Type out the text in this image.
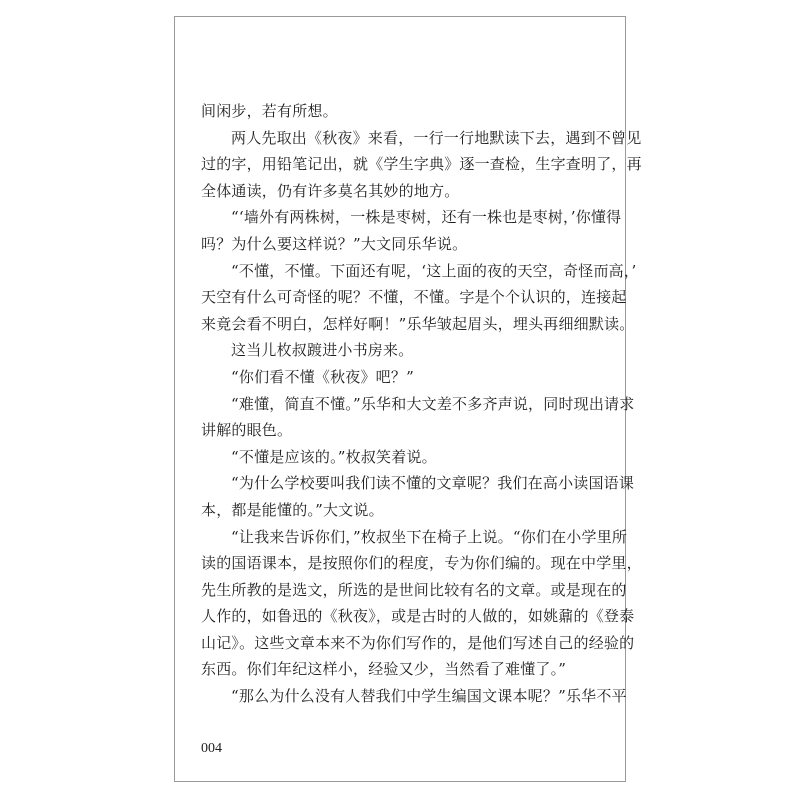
间闲步，若有所想。
两人先取出《秋夜》来看，一行一行地默读下去，遇到不曾见
过的字，用铅笔记出，就《学生字典》逐一查检，生字查明了，再
全体通读，仍有许多莫名其妙的地方。
“‘墙外有两株树，一株是枣树，还有一株也是枣树，’你懂得
吗？为什么要这样说？”大文同乐华说。
“不懂，不懂。下面还有呢，‘这上面的夜的天空，奇怪而高，’
天空有什么可奇怪的呢？不懂，不懂。字是个个认识的，连接起
来竟会看不明白，怎样好啊！”乐华皱起眉头，埋头再细细默读。
这当儿枚叔踱进小书房来。
“你们看不懂《秋夜》吧？”
“难懂，简直不懂。”乐华和大文差不多齐声说，同时现出请求
讲解的眼色。
“不懂是应该的。”枚叔笑着说。
“为什么学校要叫我们读不懂的文章呢？我们在高小读国语课
本，都是能懂的。”大文说。
“让我来告诉你们，”枚叔坐下在椅子上说。“你们在小学里所
读的国语课本，是按照你们的程度，专为你们编的。现在中学里，
先生所教的是选文，所选的是世间比较有名的文章。或是现在的
人作的，如鲁迅的《秋夜》，或是古时的人做的，如姚鼐的《登泰
山记》。这些文章本来不为你们写作的，是他们写述自己的经验的
东西。你们年纪这样小，经验又少，当然看了难懂了。”
“那么为什么没有人替我们中学生编国文课本呢？”乐华不平
004
